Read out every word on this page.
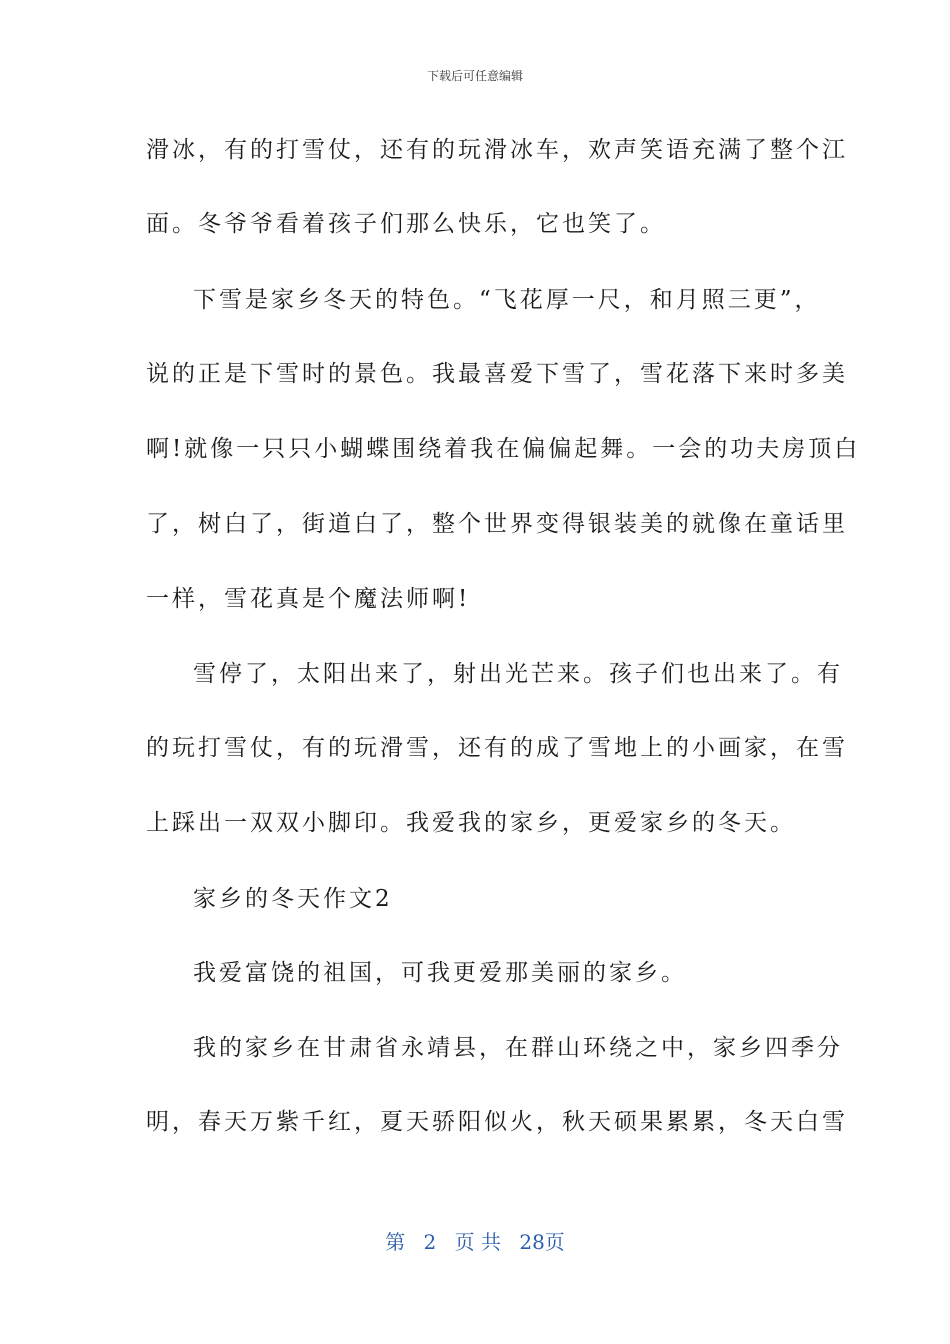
下载后可任意编辑
滑冰，有的打雪仗，还有的玩滑冰车，欢声笑语充满了整个江
面。冬爷爷看着孩子们那么快乐，它也笑了。
下雪是家乡冬天的特色。“飞花厚一尺，和月照三更”，
说的正是下雪时的景色。我最喜爱下雪了，雪花落下来时多美
啊!就像一只只小蝴蝶围绕着我在偏偏起舞。一会的功夫房顶白
了，树白了，街道白了，整个世界变得银装美的就像在童话里
一样，雪花真是个魔法师啊!
雪停了，太阳出来了，射出光芒来。孩子们也出来了。有
的玩打雪仗，有的玩滑雪，还有的成了雪地上的小画家，在雪
上踩出一双双小脚印。我爱我的家乡，更爱家乡的冬天。
家乡的冬天作文2
我爱富饶的祖国，可我更爱那美丽的家乡。
我的家乡在甘肃省永靖县，在群山环绕之中，家乡四季分
明，春天万紫千红，夏天骄阳似火，秋天硕果累累，冬天白雪
第 2 页 共 28页
